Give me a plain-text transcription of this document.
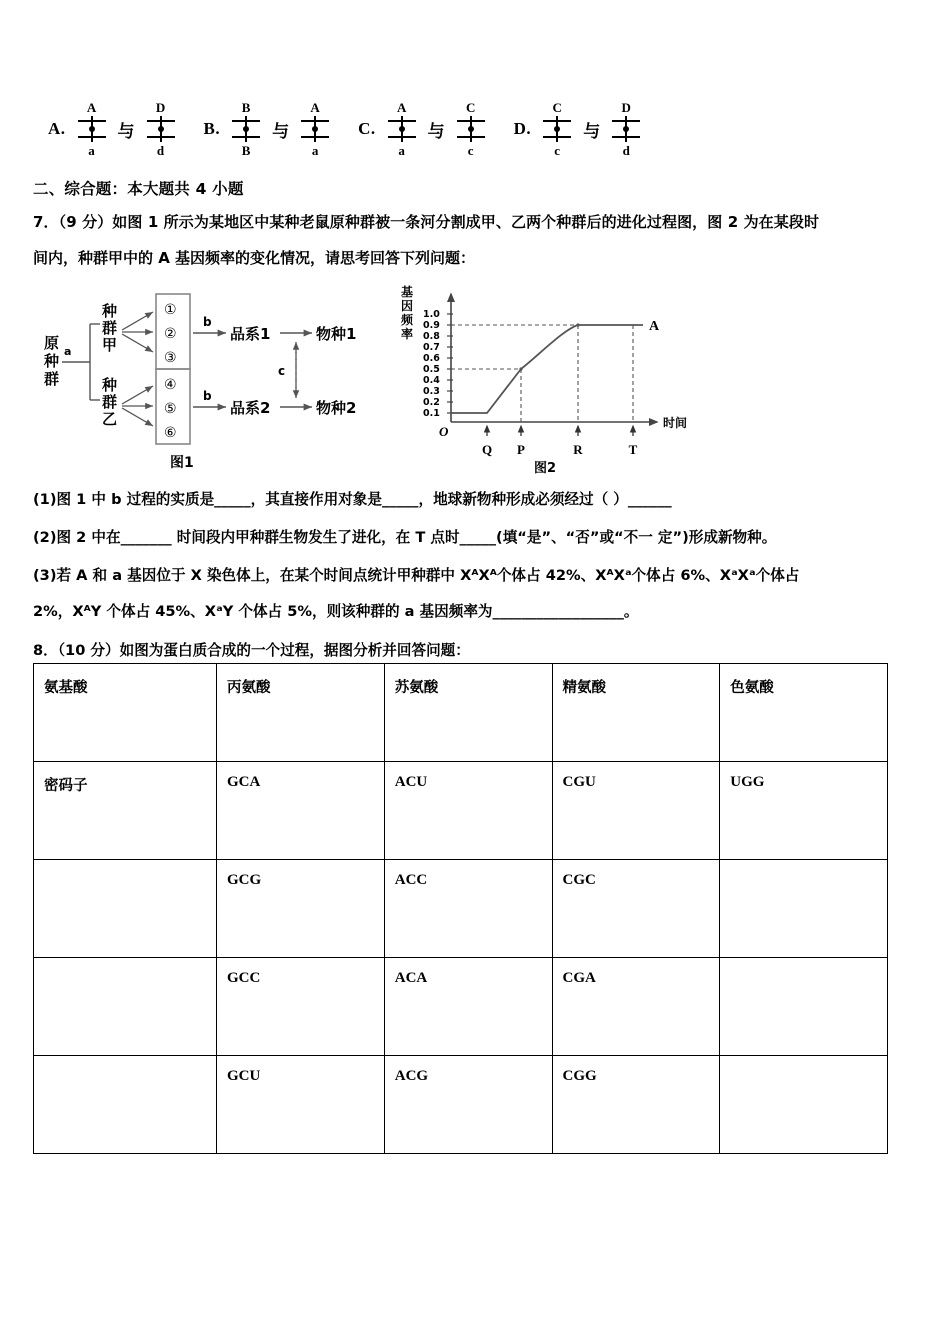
A.
A
a
与
D
d
B.
B
B
与
A
a
C.
A
a
与
C
c
D.
C
c
与
D
d
二、综合题：本大题共 4 小题
7．（9 分）如图 1 所示为某地区中某种老鼠原种群被一条河分割成甲、乙两个种群后的进化过程图，图 2 为在某段时
间内，种群甲中的 A 基因频率的变化情况，请思考回答下列问题：
原
种
群
a
种
群
甲
种
群
乙
①
②
③
④
⑤
⑥
b
品系1	物种1
b
品系2	物种2
c
图1
基
因
频
率
1.0
0.9
0.8
0.7
0.6
0.5
0.4
0.3
0.2
0.1
O
A
时间
Q P	R	T
图2
(1)图 1 中 b 过程的实质是_____，其直接作用对象是_____，地球新物种形成必须经过（ ）______
(2)图 2 中在_______ 时间段内甲种群生物发生了进化，在 T 点时_____(填“是”、“否”或“不一 定”)形成新物种。
(3)若 A 和 a 基因位于 X 染色体上，在某个时间点统计甲种群中 XᴬXᴬ个体占 42%、XᴬXᵃ个体占 6%、XᵃXᵃ个体占
2%，XᴬY 个体占 45%、XᵃY 个体占 5%，则该种群的 a 基因频率为__________________。
8．（10 分）如图为蛋白质合成的一个过程，据图分析并回答问题：
氨基酸	丙氨酸	苏氨酸	精氨酸	色氨酸
密码子	GCA	ACU	CGU	UGG
	GCG	ACC	CGC	
	GCC	ACA	CGA	
	GCU	ACG	CGG	
